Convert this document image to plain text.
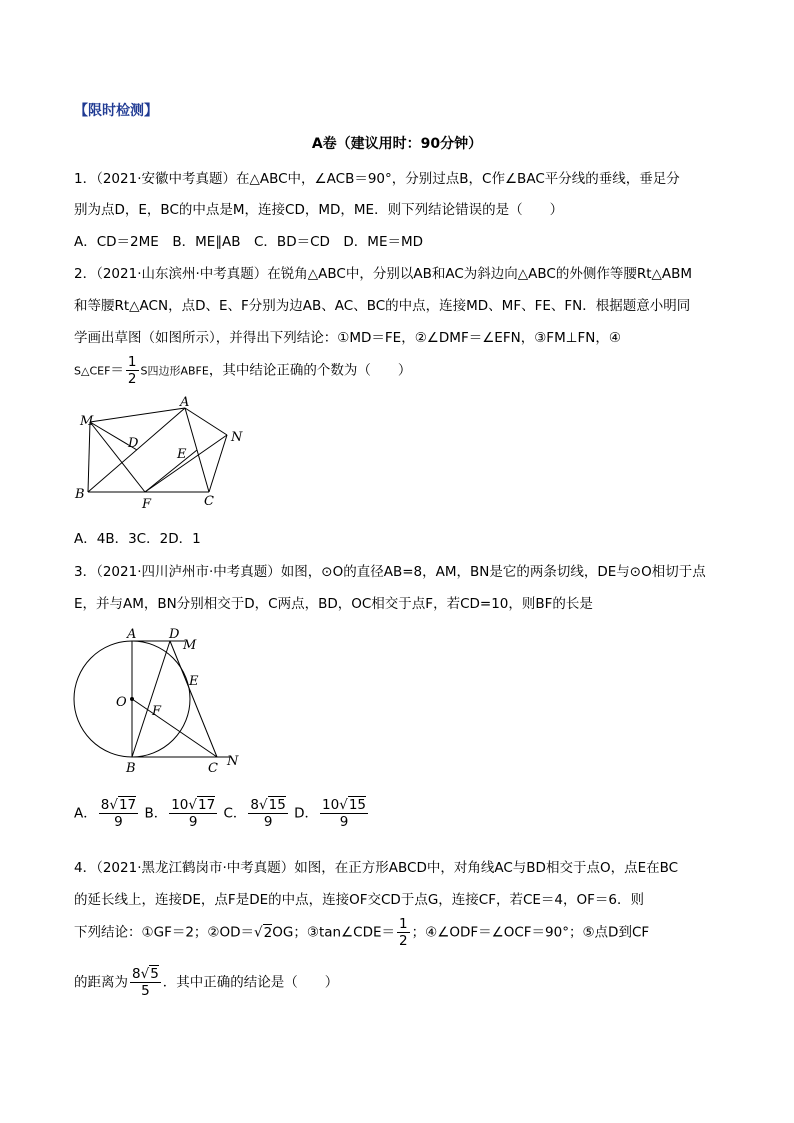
【限时检测】
A卷（建议用时：90分钟）
1．（2021·安徽中考真题）在△ABC中，∠ACB＝90°，分别过点B，C作∠BAC平分线的垂线，垂足分
别为点D，E，BC的中点是M，连接CD，MD，ME．则下列结论错误的是（　　）
A．CD＝2ME　B．ME∥AB　C．BD＝CD　D．ME＝MD
2．（2021·山东滨州·中考真题）在锐角△ABC中，分别以AB和AC为斜边向△ABC的外侧作等腰Rt△ABM
和等腰Rt△ACN，点D、E、F分别为边AB、AC、BC的中点，连接MD、MF、FE、FN．根据题意小明同
学画出草图（如图所示），并得出下列结论：①MD＝FE，②∠DMF＝∠EFN，③FM⊥FN，④
S△CEF＝ $\frac{1}{2}$ S四边形ABFE，其中结论正确的个数为（　　）
M
A
N
D
E
B
F	C
A．4B．3C．2D．1
3．（2021·四川泸州市·中考真题）如图，⊙O的直径AB=8，AM，BN是它的两条切线，DE与⊙O相切于点
E，并与AM，BN分别相交于D，C两点，BD，OC相交于点F，若CD=10，则BF的长是
A	D
M
E
O
F
B	C N
A． $\frac{8√17}{9}$ B． $\frac{10√17}{9}$ C． $\frac{8√15}{9}$ D． $\frac{10√15}{9}$
4．（2021·黑龙江鹤岗市·中考真题）如图，在正方形ABCD中，对角线AC与BD相交于点O，点E在BC
的延长线上，连接DE，点F是DE的中点，连接OF交CD于点G，连接CF，若CE＝4，OF＝6．则
下列结论：①GF＝2；②OD＝√2OG；③tan∠CDE＝ $\frac{1}{2}$ ；④∠ODF＝∠OCF＝90°；⑤点D到CF
的距离为 $\frac{8√5}{5}$ ．其中正确的结论是（　　）
